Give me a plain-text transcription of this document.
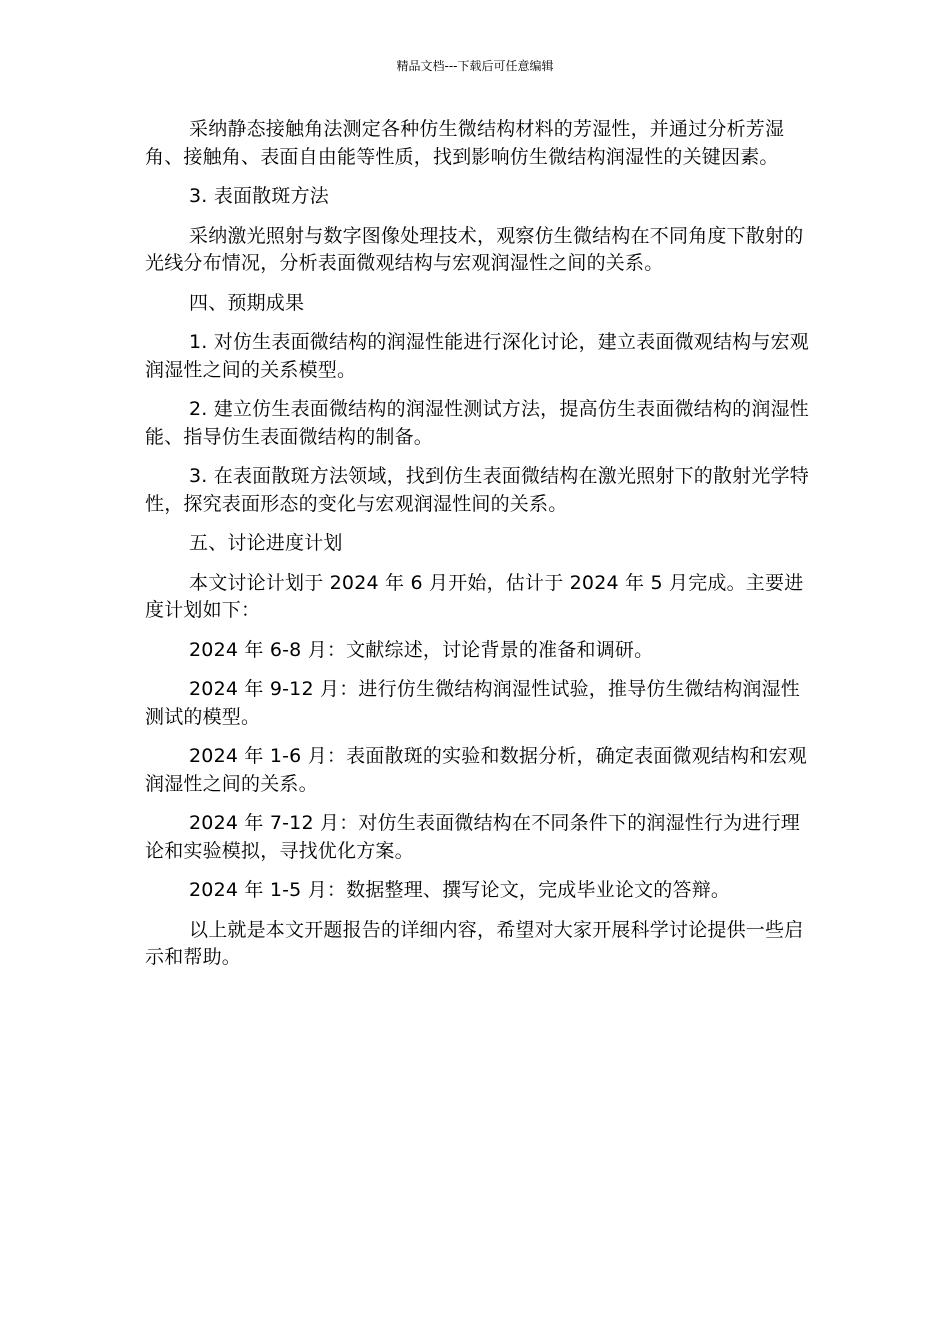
精品文档---下载后可任意编辑

采纳静态接触角法测定各种仿生微结构材料的芳湿性，并通过分析芳湿角、接触角、表面自由能等性质，找到影响仿生微结构润湿性的关键因素。

3. 表面散斑方法

采纳激光照射与数字图像处理技术，观察仿生微结构在不同角度下散射的光线分布情况，分析表面微观结构与宏观润湿性之间的关系。

四、预期成果

1. 对仿生表面微结构的润湿性能进行深化讨论，建立表面微观结构与宏观润湿性之间的关系模型。

2. 建立仿生表面微结构的润湿性测试方法，提高仿生表面微结构的润湿性能、指导仿生表面微结构的制备。

3. 在表面散斑方法领域，找到仿生表面微结构在激光照射下的散射光学特性，探究表面形态的变化与宏观润湿性间的关系。

五、讨论进度计划

本文讨论计划于 2024 年 6 月开始，估计于 2024 年 5 月完成。主要进度计划如下：

2024 年 6-8 月：文献综述，讨论背景的准备和调研。

2024 年 9-12 月：进行仿生微结构润湿性试验，推导仿生微结构润湿性测试的模型。

2024 年 1-6 月：表面散斑的实验和数据分析，确定表面微观结构和宏观润湿性之间的关系。

2024 年 7-12 月：对仿生表面微结构在不同条件下的润湿性行为进行理论和实验模拟，寻找优化方案。

2024 年 1-5 月：数据整理、撰写论文，完成毕业论文的答辩。

以上就是本文开题报告的详细内容，希望对大家开展科学讨论提供一些启示和帮助。
